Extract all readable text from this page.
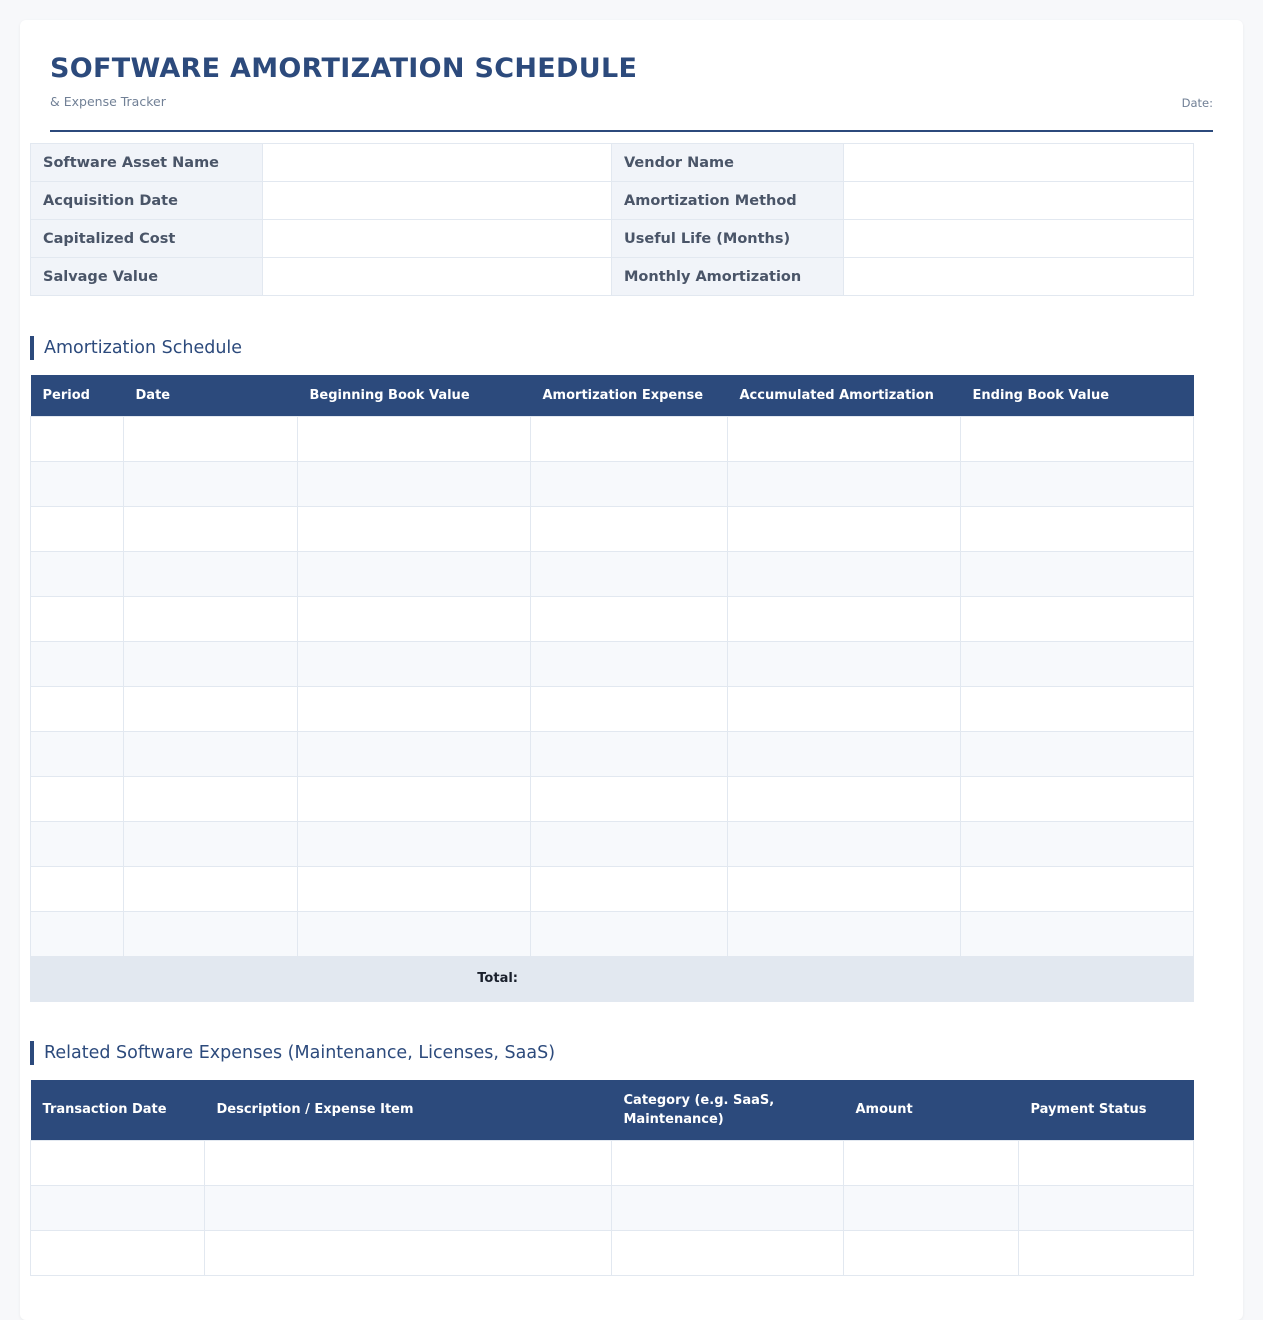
SOFTWARE AMORTIZATION SCHEDULE
& Expense Tracker	Date:
Software Asset Name		Vendor Name	
Acquisition Date		Amortization Method	
Capitalized Cost		Useful Life (Months)	
Salvage Value		Monthly Amortization	
Amortization Schedule
Period	Date	Beginning Book Value	Amortization Expense	Accumulated Amortization	Ending Book Value

Total:					
Related Software Expenses (Maintenance, Licenses, SaaS)
Transaction Date	Description / Expense Item	Category (e.g. SaaS, Maintenance)	Amount	Payment Status
